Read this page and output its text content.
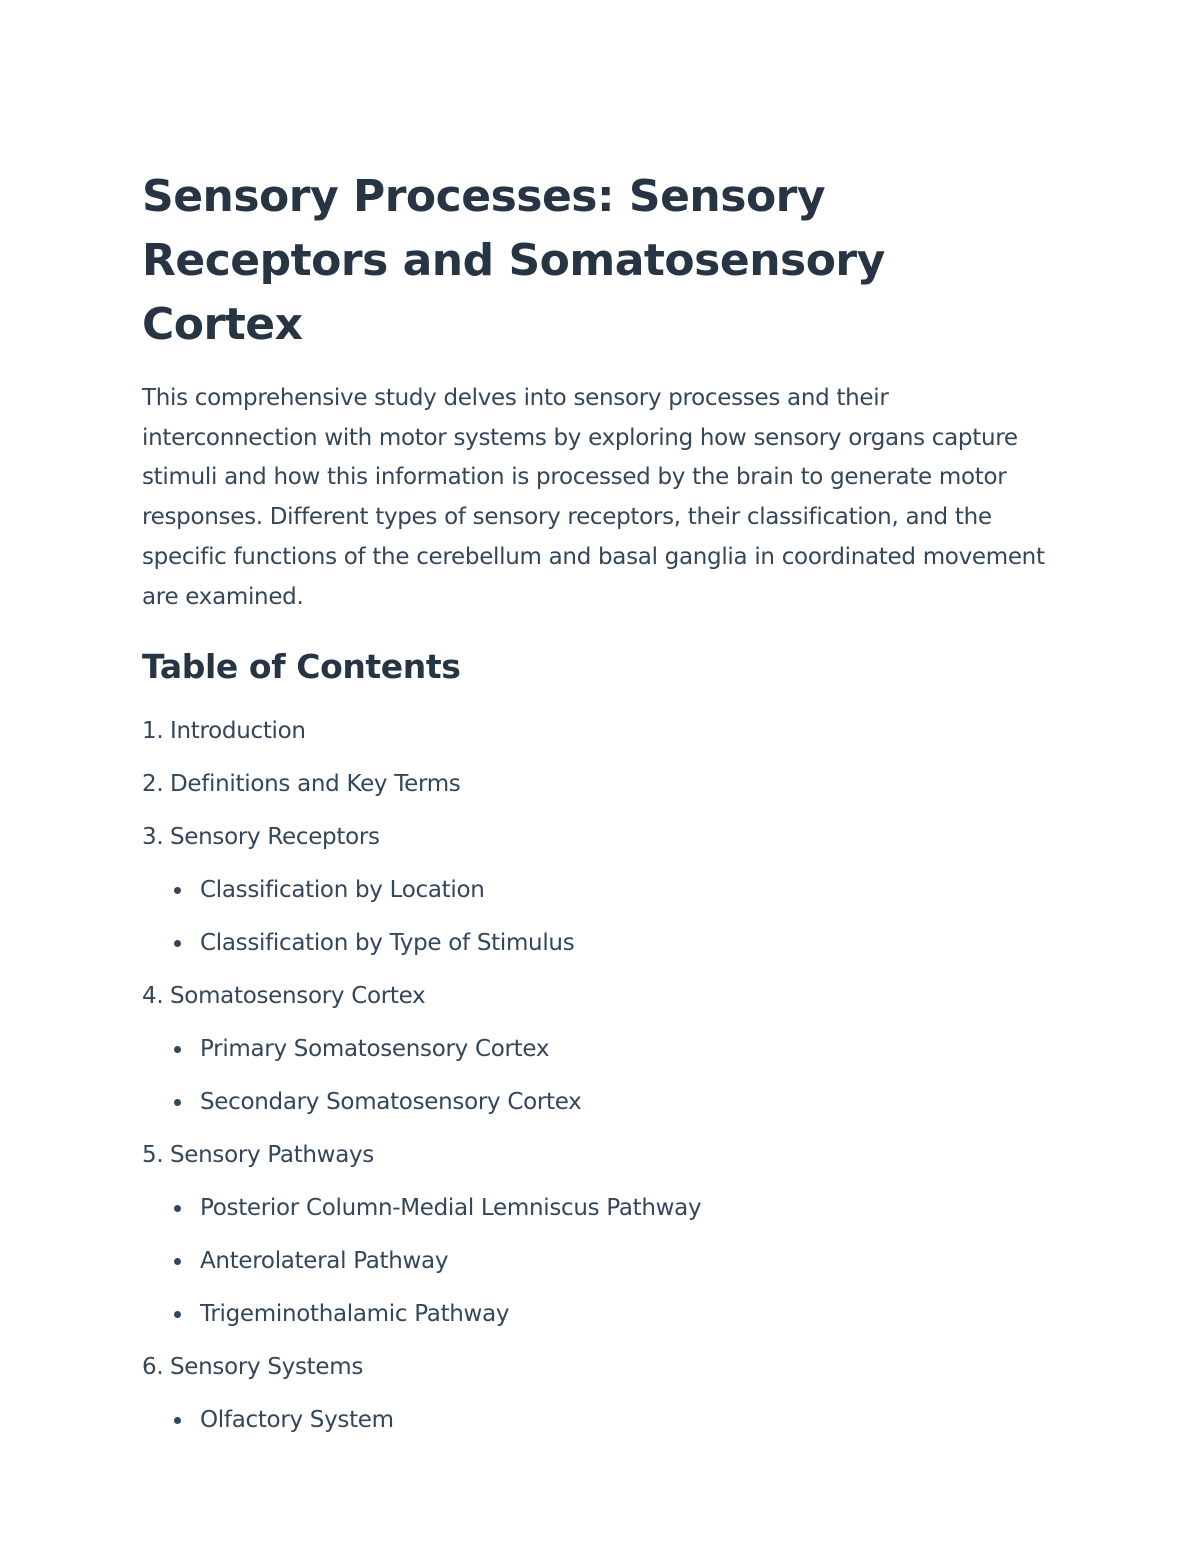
Sensory Processes: Sensory Receptors and Somatosensory Cortex

This comprehensive study delves into sensory processes and their interconnection with motor systems by exploring how sensory organs capture stimuli and how this information is processed by the brain to generate motor responses. Different types of sensory receptors, their classification, and the specific functions of the cerebellum and basal ganglia in coordinated movement are examined.

Table of Contents
1. Introduction
2. Definitions and Key Terms
3. Sensory Receptors
Classification by Location
Classification by Type of Stimulus
4. Somatosensory Cortex
Primary Somatosensory Cortex
Secondary Somatosensory Cortex
5. Sensory Pathways
Posterior Column-Medial Lemniscus Pathway
Anterolateral Pathway
Trigeminothalamic Pathway
6. Sensory Systems
Olfactory System
